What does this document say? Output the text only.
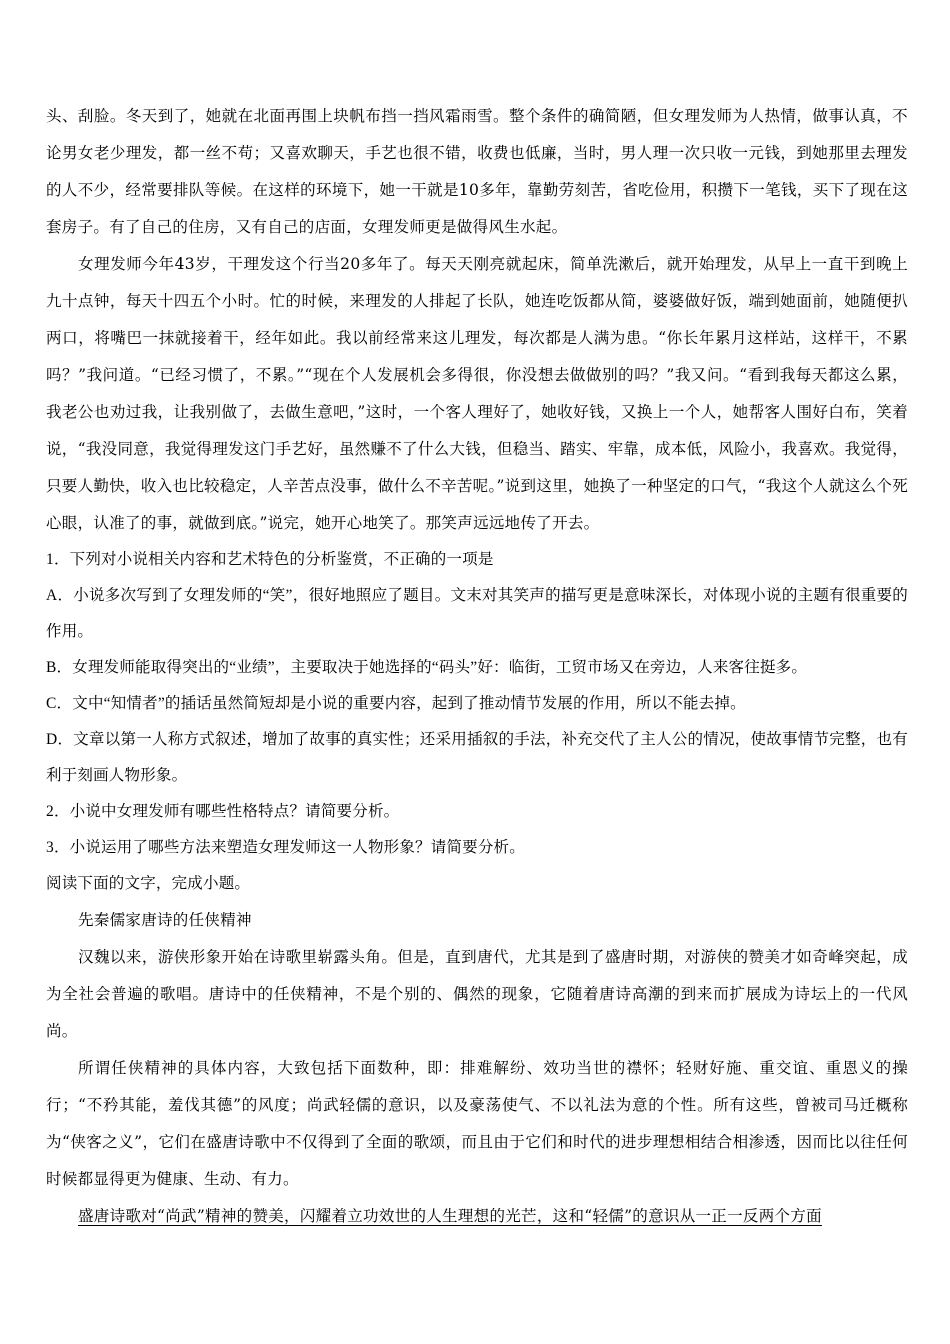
头、刮脸。冬天到了，她就在北面再围上块帆布挡一挡风霜雨雪。整个条件的确简陋，但女理发师为人热情，做事认真，不论男女老少理发，都一丝不苟；又喜欢聊天，手艺也很不错，收费也低廉，当时，男人理一次只收一元钱，到她那里去理发的人不少，经常要排队等候。在这样的环境下，她一干就是10多年，靠勤劳刻苦，省吃俭用，积攒下一笔钱，买下了现在这套房子。有了自己的住房，又有自己的店面，女理发师更是做得风生水起。

女理发师今年43岁，干理发这个行当20多年了。每天天刚亮就起床，简单洗漱后，就开始理发，从早上一直干到晚上九十点钟，每天十四五个小时。忙的时候，来理发的人排起了长队，她连吃饭都从简，婆婆做好饭，端到她面前，她随便扒两口，将嘴巴一抹就接着干，经年如此。我以前经常来这儿理发，每次都是人满为患。“你长年累月这样站，这样干，不累吗？”我问道。“已经习惯了，不累。”“现在个人发展机会多得很，你没想去做做别的吗？”我又问。“看到我每天都这么累，我老公也劝过我，让我别做了，去做生意吧，”这时，一个客人理好了，她收好钱，又换上一个人，她帮客人围好白布，笑着说，“我没同意，我觉得理发这门手艺好，虽然赚不了什么大钱，但稳当、踏实、牢靠，成本低，风险小，我喜欢。我觉得，只要人勤快，收入也比较稳定，人辛苦点没事，做什么不辛苦呢。”说到这里，她换了一种坚定的口气，“我这个人就这么个死心眼，认准了的事，就做到底。”说完，她开心地笑了。那笑声远远地传了开去。

1．下列对小说相关内容和艺术特色的分析鉴赏，不正确的一项是

A．小说多次写到了女理发师的“笑”，很好地照应了题目。文末对其笑声的描写更是意味深长，对体现小说的主题有很重要的作用。

B．女理发师能取得突出的“业绩”，主要取决于她选择的“码头”好：临街，工贸市场又在旁边，人来客往挺多。

C．文中“知情者”的插话虽然简短却是小说的重要内容，起到了推动情节发展的作用，所以不能去掉。

D．文章以第一人称方式叙述，增加了故事的真实性；还采用插叙的手法，补充交代了主人公的情况，使故事情节完整，也有利于刻画人物形象。

2．小说中女理发师有哪些性格特点？请简要分析。

3．小说运用了哪些方法来塑造女理发师这一人物形象？请简要分析。

阅读下面的文字，完成小题。

先秦儒家唐诗的任侠精神

汉魏以来，游侠形象开始在诗歌里崭露头角。但是，直到唐代，尤其是到了盛唐时期，对游侠的赞美才如奇峰突起，成为全社会普遍的歌唱。唐诗中的任侠精神，不是个别的、偶然的现象，它随着唐诗高潮的到来而扩展成为诗坛上的一代风尚。

所谓任侠精神的具体内容，大致包括下面数种，即：排难解纷、效功当世的襟怀；轻财好施、重交谊、重恩义的操行；“不矜其能，羞伐其德”的风度；尚武轻儒的意识，以及豪荡使气、不以礼法为意的个性。所有这些，曾被司马迁概称为“侠客之义”，它们在盛唐诗歌中不仅得到了全面的歌颂，而且由于它们和时代的进步理想相结合相渗透，因而比以往任何时候都显得更为健康、生动、有力。

盛唐诗歌对“尚武”精神的赞美，闪耀着立功效世的人生理想的光芒，这和“轻儒”的意识从一正一反两个方面
